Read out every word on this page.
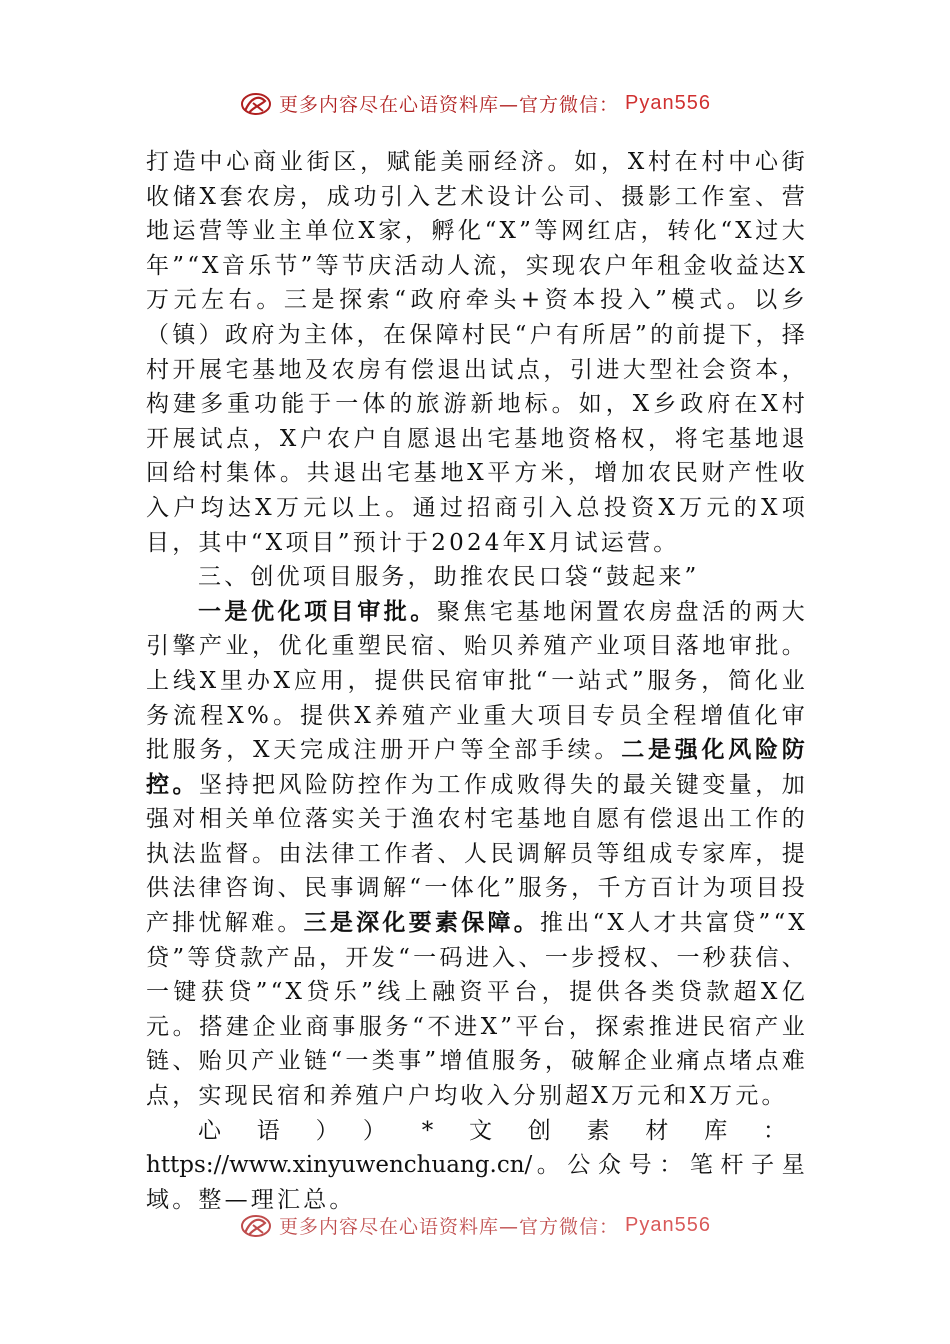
更多内容尽在心语资料库—官方微信： Pyan556

打造中心商业街区，赋能美丽经济。如，X村在村中心街收储X套农房，成功引入艺术设计公司、摄影工作室、营地运营等业主单位X家，孵化“X”等网红店，转化“X过大年”“X音乐节”等节庆活动人流，实现农户年租金收益达X万元左右。三是探索“政府牵头+资本投入”模式。以乡（镇）政府为主体，在保障村民“户有所居”的前提下，择村开展宅基地及农房有偿退出试点，引进大型社会资本，构建多重功能于一体的旅游新地标。如，X乡政府在X村开展试点，X户农户自愿退出宅基地资格权，将宅基地退回给村集体。共退出宅基地X平方米，增加农民财产性收入户均达X万元以上。通过招商引入总投资X万元的X项目，其中“X项目”预计于2024年X月试运营。

三、创优项目服务，助推农民口袋“鼓起来”

一是优化项目审批。聚焦宅基地闲置农房盘活的两大引擎产业，优化重塑民宿、贻贝养殖产业项目落地审批。上线X里办X应用，提供民宿审批“一站式”服务，简化业务流程X%。提供X养殖产业重大项目专员全程增值化审批服务，X天完成注册开户等全部手续。二是强化风险防控。坚持把风险防控作为工作成败得失的最关键变量，加强对相关单位落实关于渔农村宅基地自愿有偿退出工作的执法监督。由法律工作者、人民调解员等组成专家库，提供法律咨询、民事调解“一体化”服务，千方百计为项目投产排忧解难。三是深化要素保障。推出“X人才共富贷”“X贷”等贷款产品，开发“一码进入、一步授权、一秒获信、一键获贷”“X贷乐”线上融资平台，提供各类贷款超X亿元。搭建企业商事服务“不进X”平台，探索推进民宿产业链、贻贝产业链“一类事”增值服务，破解企业痛点堵点难点，实现民宿和养殖户户均收入分别超X万元和X万元。

心语））*文创素材库：https://www.xinyuwenchuang.cn/。公众号：笔杆子星域。整—理汇总。

更多内容尽在心语资料库—官方微信： Pyan556
